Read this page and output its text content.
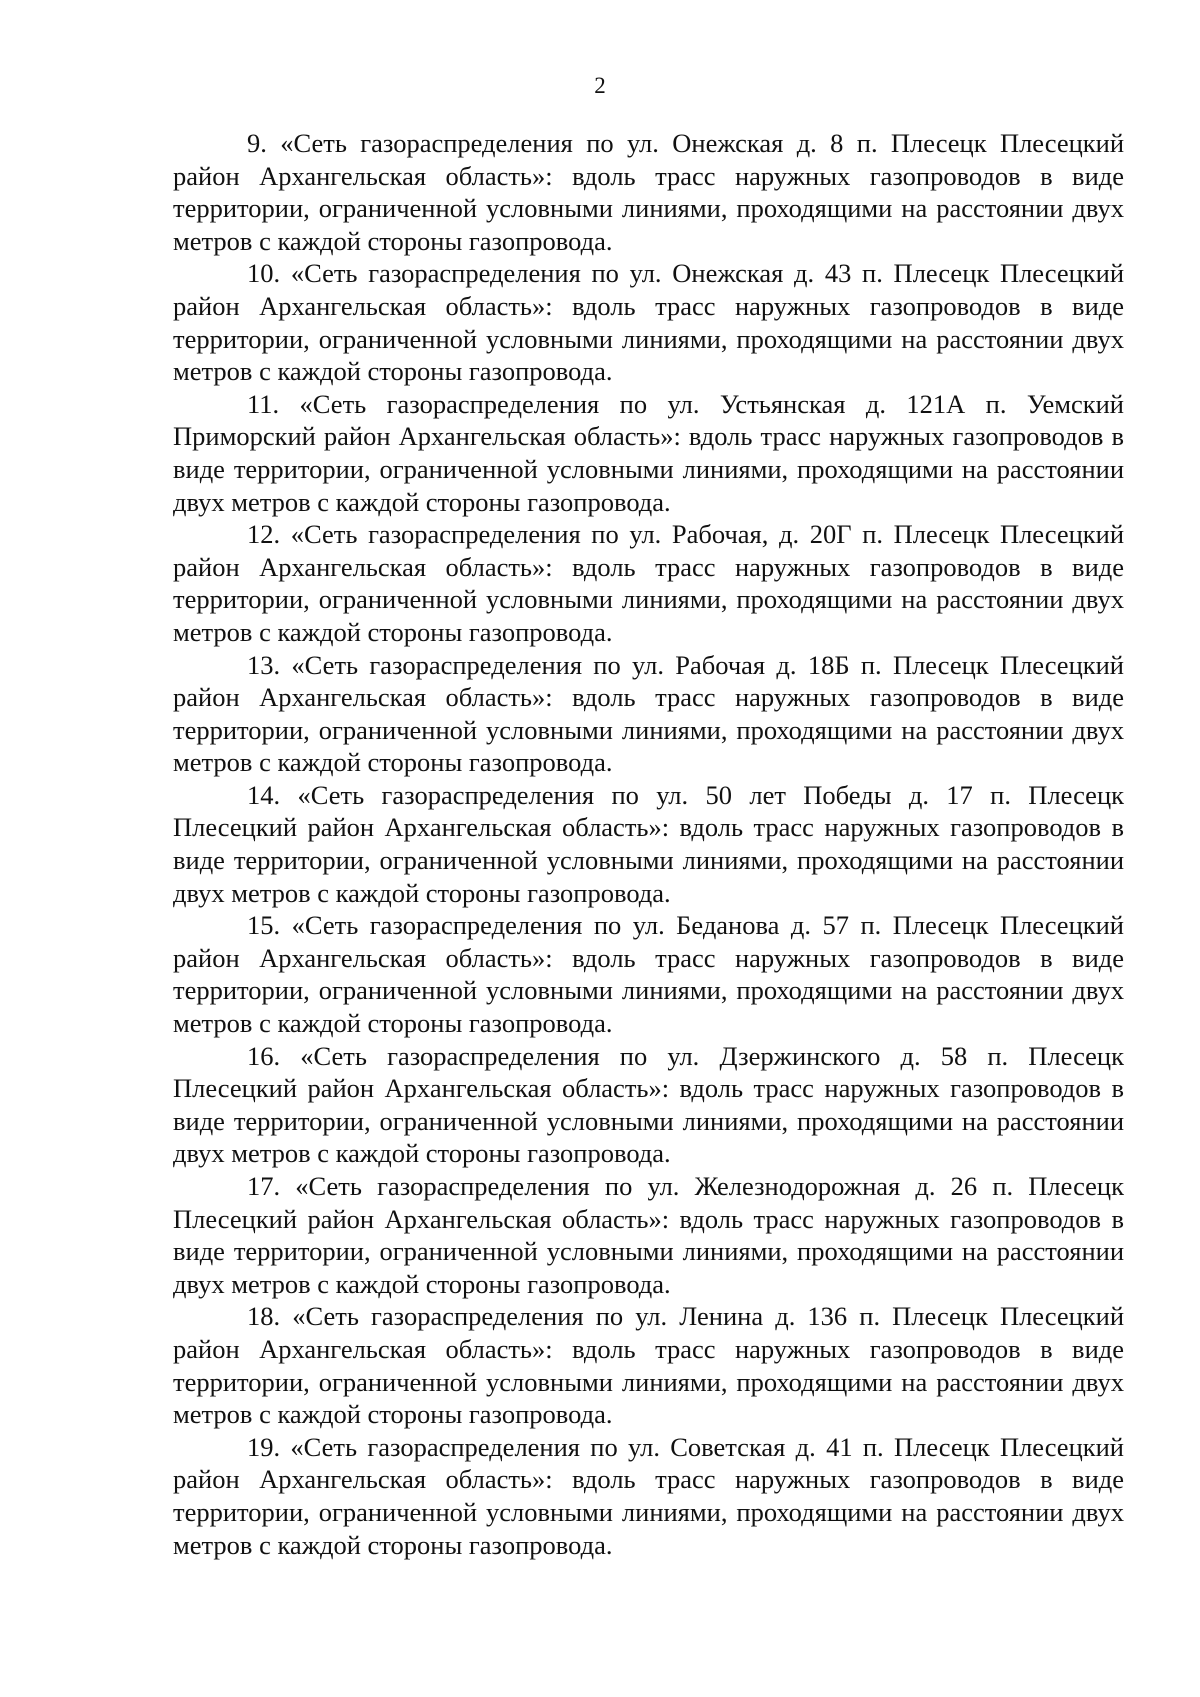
2

9. «Сеть газораспределения по ул. Онежская д. 8 п. Плесецк Плесецкий район Архангельская область»: вдоль трасс наружных газопроводов в виде территории, ограниченной условными линиями, проходящими на расстоянии двух метров с каждой стороны газопровода.

10. «Сеть газораспределения по ул. Онежская д. 43 п. Плесецк Плесецкий район Архангельская область»: вдоль трасс наружных газопроводов в виде территории, ограниченной условными линиями, проходящими на расстоянии двух метров с каждой стороны газопровода.

11. «Сеть газораспределения по ул. Устьянская д. 121А п. Уемский Приморский район Архангельская область»: вдоль трасс наружных газопроводов в виде территории, ограниченной условными линиями, проходящими на расстоянии двух метров с каждой стороны газопровода.

12. «Сеть газораспределения по ул. Рабочая, д. 20Г п. Плесецк Плесецкий район Архангельская область»: вдоль трасс наружных газопроводов в виде территории, ограниченной условными линиями, проходящими на расстоянии двух метров с каждой стороны газопровода.

13. «Сеть газораспределения по ул. Рабочая д. 18Б п. Плесецк Плесецкий район Архангельская область»: вдоль трасс наружных газопроводов в виде территории, ограниченной условными линиями, проходящими на расстоянии двух метров с каждой стороны газопровода.

14. «Сеть газораспределения по ул. 50 лет Победы д. 17 п. Плесецк Плесецкий район Архангельская область»: вдоль трасс наружных газопроводов в виде территории, ограниченной условными линиями, проходящими на расстоянии двух метров с каждой стороны газопровода.

15. «Сеть газораспределения по ул. Беданова д. 57 п. Плесецк Плесецкий район Архангельская область»: вдоль трасс наружных газопроводов в виде территории, ограниченной условными линиями, проходящими на расстоянии двух метров с каждой стороны газопровода.

16. «Сеть газораспределения по ул. Дзержинского д. 58 п. Плесецк Плесецкий район Архангельская область»: вдоль трасс наружных газопроводов в виде территории, ограниченной условными линиями, проходящими на расстоянии двух метров с каждой стороны газопровода.

17. «Сеть газораспределения по ул. Железнодорожная д. 26 п. Плесецк Плесецкий район Архангельская область»: вдоль трасс наружных газопроводов в виде территории, ограниченной условными линиями, проходящими на расстоянии двух метров с каждой стороны газопровода.

18. «Сеть газораспределения по ул. Ленина д. 136 п. Плесецк Плесецкий район Архангельская область»: вдоль трасс наружных газопроводов в виде территории, ограниченной условными линиями, проходящими на расстоянии двух метров с каждой стороны газопровода.

19. «Сеть газораспределения по ул. Советская д. 41 п. Плесецк Плесецкий район Архангельская область»: вдоль трасс наружных газопроводов в виде территории, ограниченной условными линиями, проходящими на расстоянии двух метров с каждой стороны газопровода.
